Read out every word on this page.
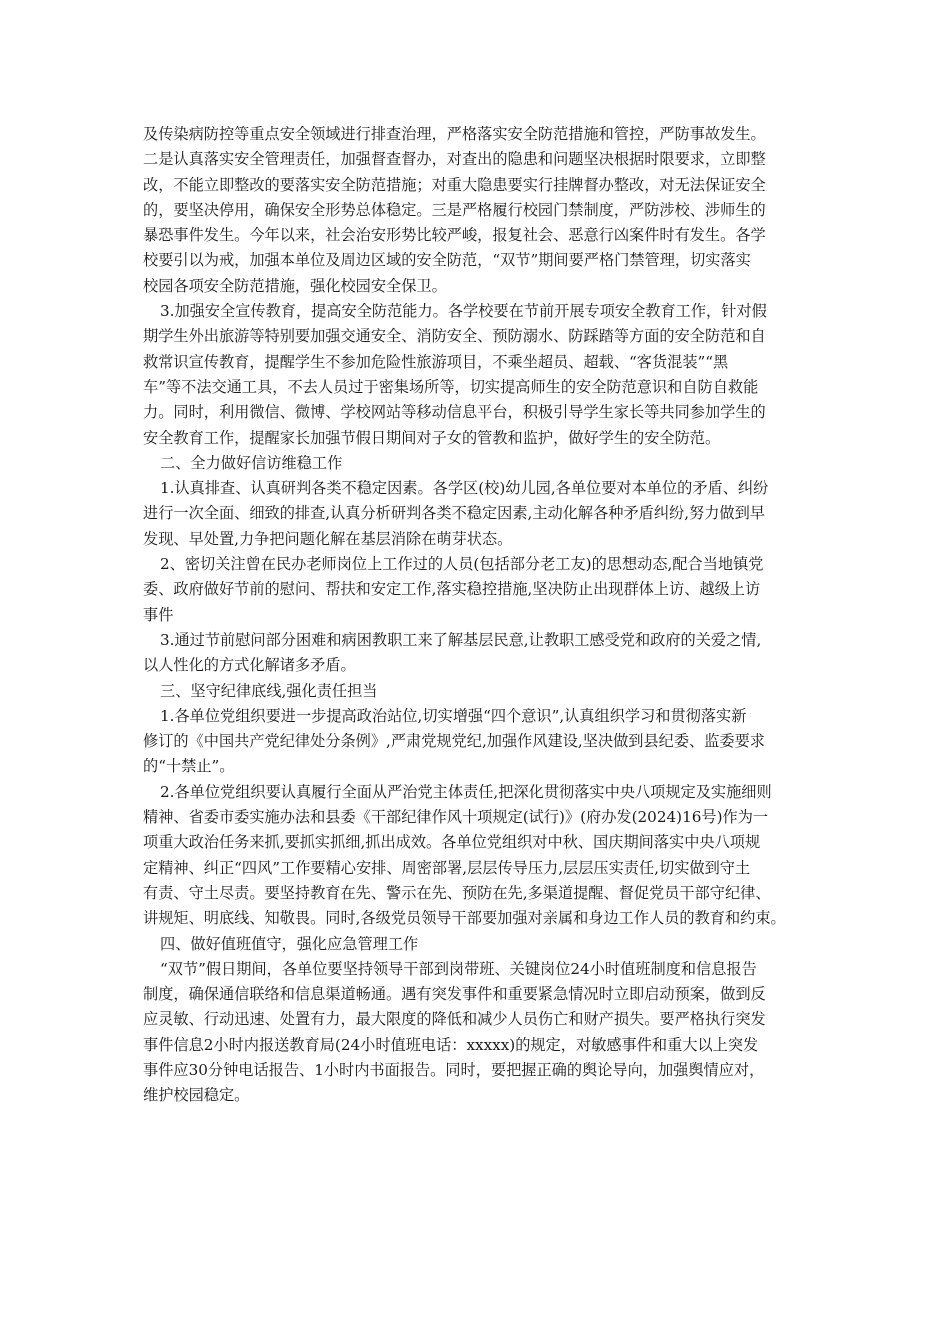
及传染病防控等重点安全领域进行排查治理，严格落实安全防范措施和管控，严防事故发生。
二是认真落实安全管理责任，加强督查督办，对查出的隐患和问题坚决根据时限要求，立即整
改，不能立即整改的要落实安全防范措施；对重大隐患要实行挂牌督办整改，对无法保证安全
的，要坚决停用，确保安全形势总体稳定。三是严格履行校园门禁制度，严防涉校、涉师生的
暴恐事件发生。今年以来，社会治安形势比较严峻，报复社会、恶意行凶案件时有发生。各学
校要引以为戒，加强本单位及周边区域的安全防范，“双节”期间要严格门禁管理，切实落实
校园各项安全防范措施，强化校园安全保卫。

3.加强安全宣传教育，提高安全防范能力。各学校要在节前开展专项安全教育工作，针对假
期学生外出旅游等特别要加强交通安全、消防安全、预防溺水、防踩踏等方面的安全防范和自
救常识宣传教育，提醒学生不参加危险性旅游项目，不乘坐超员、超载、“客货混装”“黑
车”等不法交通工具，不去人员过于密集场所等，切实提高师生的安全防范意识和自防自救能
力。同时，利用微信、微博、学校网站等移动信息平台，积极引导学生家长等共同参加学生的
安全教育工作，提醒家长加强节假日期间对子女的管教和监护，做好学生的安全防范。

二、全力做好信访维稳工作

1.认真排查、认真研判各类不稳定因素。各学区(校)幼儿园,各单位要对本单位的矛盾、纠纷
进行一次全面、细致的排查,认真分析研判各类不稳定因素,主动化解各种矛盾纠纷,努力做到早
发现、早处置,力争把问题化解在基层消除在萌芽状态。

2、密切关注曾在民办老师岗位上工作过的人员(包括部分老工友)的思想动态,配合当地镇党
委、政府做好节前的慰问、帮扶和安定工作,落实稳控措施,坚决防止出现群体上访、越级上访
事件

3.通过节前慰问部分困难和病困教职工来了解基层民意,让教职工感受党和政府的关爱之情,
以人性化的方式化解诸多矛盾。

三、坚守纪律底线,强化责任担当

1.各单位党组织要进一步提高政治站位,切实增强“四个意识”,认真组织学习和贯彻落实新
修订的《中国共产党纪律处分条例》,严肃党规党纪,加强作风建设,坚决做到县纪委、监委要求
的“十禁止”。

2.各单位党组织要认真履行全面从严治党主体责任,把深化贯彻落实中央八项规定及实施细则
精神、省委市委实施办法和县委《干部纪律作风十项规定(试行)》(府办发(2024)16号)作为一
项重大政治任务来抓,要抓实抓细,抓出成效。各单位党组织对中秋、国庆期间落实中央八项规
定精神、纠正“四风”工作要精心安排、周密部署,层层传导压力,层层压实责任,切实做到守土
有责、守土尽责。要坚持教育在先、警示在先、预防在先,多渠道提醒、督促党员干部守纪律、
讲规矩、明底线、知敬畏。同时,各级党员领导干部要加强对亲属和身边工作人员的教育和约束。

四、做好值班值守，强化应急管理工作

“双节”假日期间，各单位要坚持领导干部到岗带班、关键岗位24小时值班制度和信息报告
制度，确保通信联络和信息渠道畅通。遇有突发事件和重要紧急情况时立即启动预案，做到反
应灵敏、行动迅速、处置有力，最大限度的降低和减少人员伤亡和财产损失。要严格执行突发
事件信息2小时内报送教育局(24小时值班电话：xxxxx)的规定，对敏感事件和重大以上突发
事件应30分钟电话报告、1小时内书面报告。同时，要把握正确的舆论导向，加强舆情应对，
维护校园稳定。
